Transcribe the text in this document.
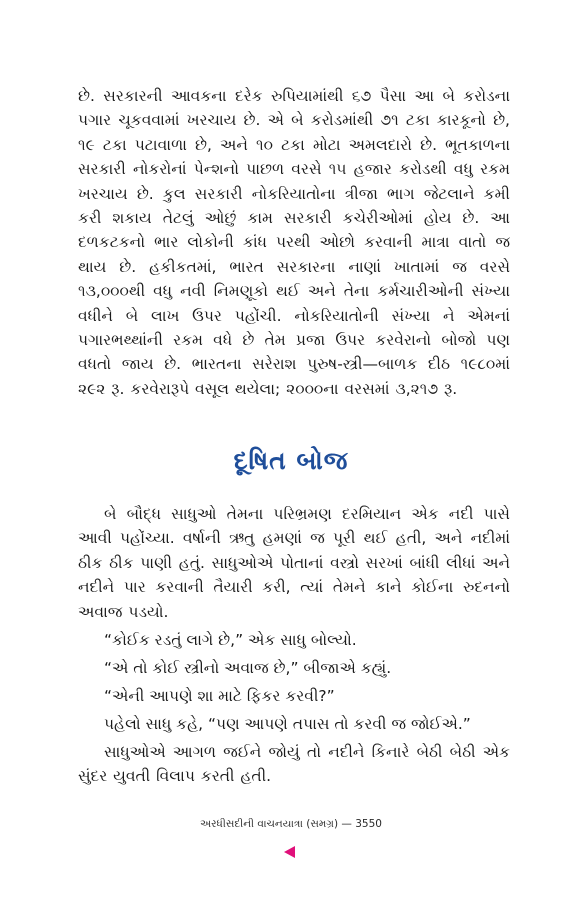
છે. સરકારની આવકના દરેક રુપિયામાંથી ૬૭ પૈસા આ બે કરોડના પગાર ચૂકવવામાં ખરચાય છે. એ બે કરોડમાંથી ૭૧ ટકા કારકૂનો છે, ૧૯ ટકા પટાવાળા છે, અને ૧૦ ટકા મોટા અમલદારો છે. ભૂતકાળના સરકારી નોકરોનાં પેન્શનો પાછળ વરસે ૧૫ હજાર કરોડથી વધુ રકમ ખરચાય છે. કુલ સરકારી નોકરિયાતોના ત્રીજા ભાગ જેટલાને કમી કરી શકાય તેટલું ઓછું કામ સરકારી કચેરીઓમાં હોય છે. આ દળકટકનો ભાર લોકોની કાંધ પરથી ઓછો કરવાની માત્રા વાતો જ થાય છે. હકીકતમાં, ભારત સરકારના નાણાં ખાતામાં જ વરસે ૧૩,૦૦૦થી વધુ નવી નિમણૂકો થઈ અને તેના કર્મચારીઓની સંખ્યા વધીને બે લાખ ઉપર પહોંચી. નોકરિયાતોની સંખ્યા ને એમનાં પગારભથ્થાંની રકમ વધે છે તેમ પ્રજા ઉપર કરવેરાનો બોજો પણ વધતો જાય છે. ભારતના સરેરાશ પુરુષ-સ્ત્રી—બાળક દીઠ ૧૯૮૦માં ૨૯૨ રૂ. કરવેરારૂપે વસૂલ થયેલા; ૨૦૦૦ના વરસમાં ૩,૨૧૭ રૂ.

દૂષિત બોજ

બે બૌદ્ધ સાધુઓ તેમના પરિભ્રમણ દરમિયાન એક નદી પાસે આવી પહોંચ્યા. વર્ષાની ઋતુ હમણાં જ પૂરી થઈ હતી, અને નદીમાં ઠીક ઠીક પાણી હતું. સાધુઓએ પોતાનાં વસ્ત્રો સરખાં બાંધી લીધાં અને નદીને પાર કરવાની તૈયારી કરી, ત્યાં તેમને કાને કોઈના રુદનનો અવાજ પડયો.

“કોઈક રડતું લાગે છે,” એક સાધુ બોલ્યો.

“એ તો કોઈ સ્ત્રીનો અવાજ છે,” બીજાએ કહ્યું.

“એની આપણે શા માટે ફિકર કરવી?”

પહેલો સાધુ કહે, “પણ આપણે તપાસ તો કરવી જ જોઈએ.”

સાધુઓએ આગળ જઈને જોયું તો નદીને કિનારે બેઠી બેઠી એક સુંદર યુવતી વિલાપ કરતી હતી.

અરધીસદીની વાચનયાત્રા (સમગ્ર) — 3550
